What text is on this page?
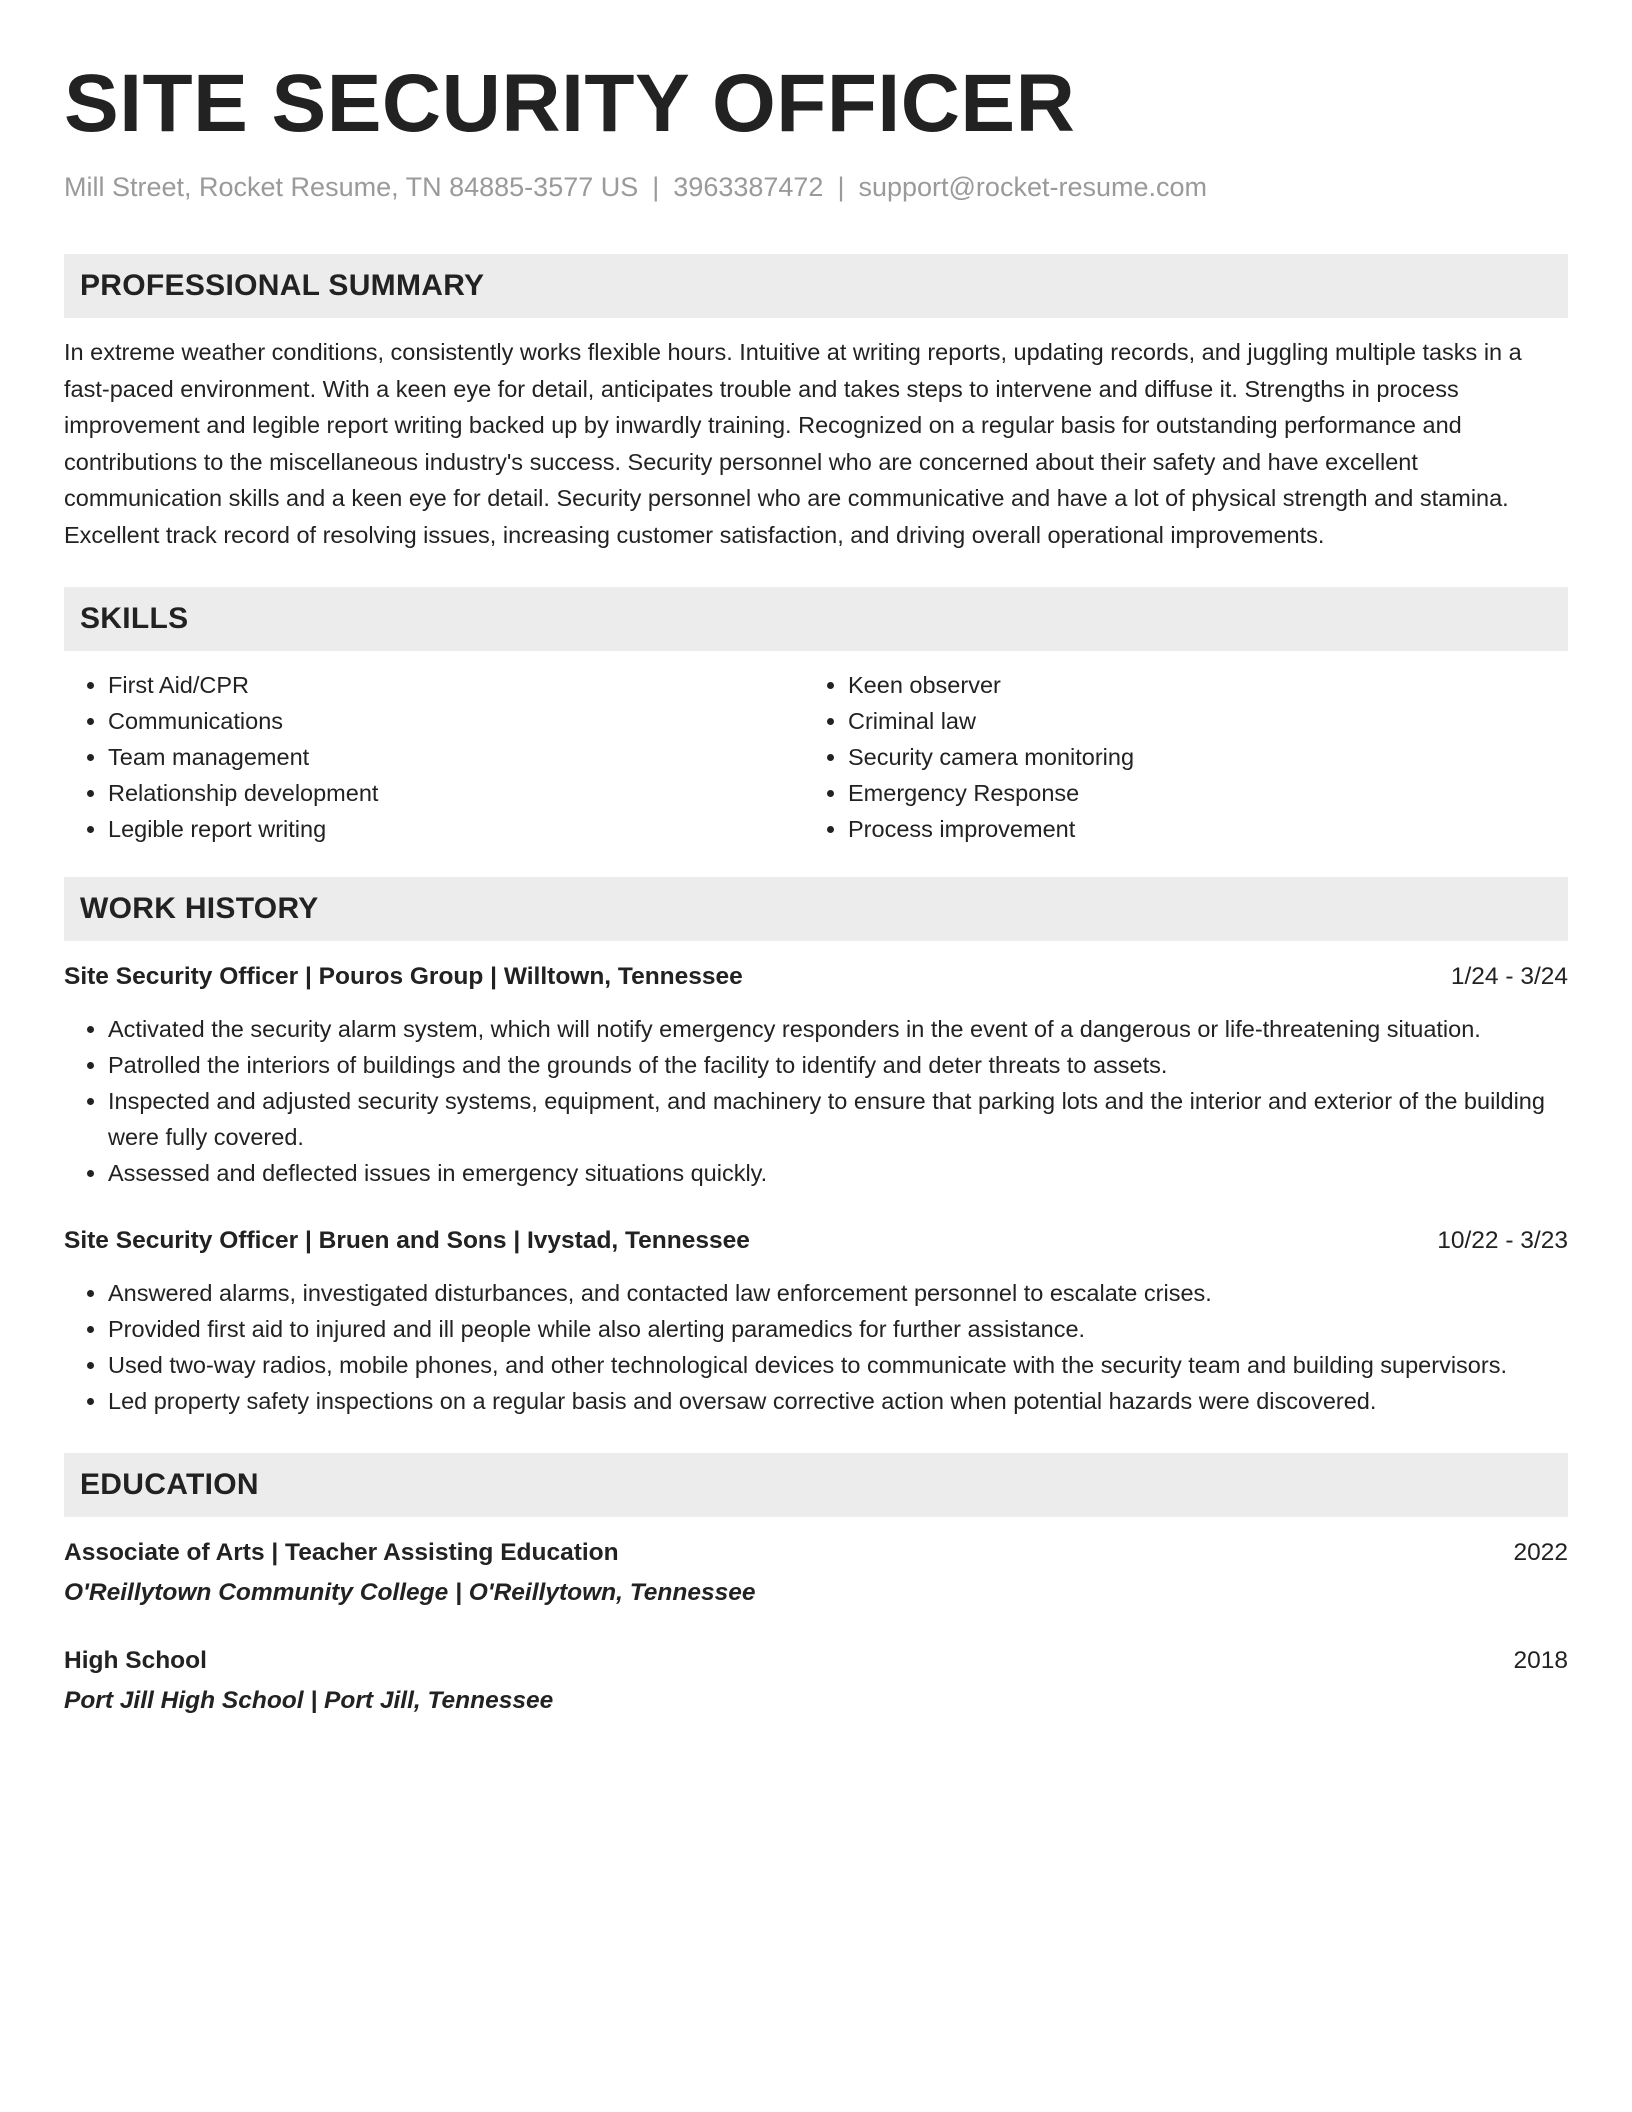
SITE SECURITY OFFICER
Mill Street, Rocket Resume, TN 84885-3577 US | 3963387472 | support@rocket-resume.com
PROFESSIONAL SUMMARY
In extreme weather conditions, consistently works flexible hours. Intuitive at writing reports, updating records, and juggling multiple tasks in a fast-paced environment. With a keen eye for detail, anticipates trouble and takes steps to intervene and diffuse it. Strengths in process improvement and legible report writing backed up by inwardly training. Recognized on a regular basis for outstanding performance and contributions to the miscellaneous industry's success. Security personnel who are concerned about their safety and have excellent communication skills and a keen eye for detail. Security personnel who are communicative and have a lot of physical strength and stamina. Excellent track record of resolving issues, increasing customer satisfaction, and driving overall operational improvements.
SKILLS
• First Aid/CPR
• Communications
• Team management
• Relationship development
• Legible report writing
• Keen observer
• Criminal law
• Security camera monitoring
• Emergency Response
• Process improvement
WORK HISTORY
Site Security Officer | Pouros Group | Willtown, Tennessee	1/24 - 3/24
• Activated the security alarm system, which will notify emergency responders in the event of a dangerous or life-threatening situation.
• Patrolled the interiors of buildings and the grounds of the facility to identify and deter threats to assets.
• Inspected and adjusted security systems, equipment, and machinery to ensure that parking lots and the interior and exterior of the building were fully covered.
• Assessed and deflected issues in emergency situations quickly.
Site Security Officer | Bruen and Sons | Ivystad, Tennessee	10/22 - 3/23
• Answered alarms, investigated disturbances, and contacted law enforcement personnel to escalate crises.
• Provided first aid to injured and ill people while also alerting paramedics for further assistance.
• Used two-way radios, mobile phones, and other technological devices to communicate with the security team and building supervisors.
• Led property safety inspections on a regular basis and oversaw corrective action when potential hazards were discovered.
EDUCATION
Associate of Arts | Teacher Assisting Education	2022
O'Reillytown Community College | O'Reillytown, Tennessee
High School	2018
Port Jill High School | Port Jill, Tennessee
